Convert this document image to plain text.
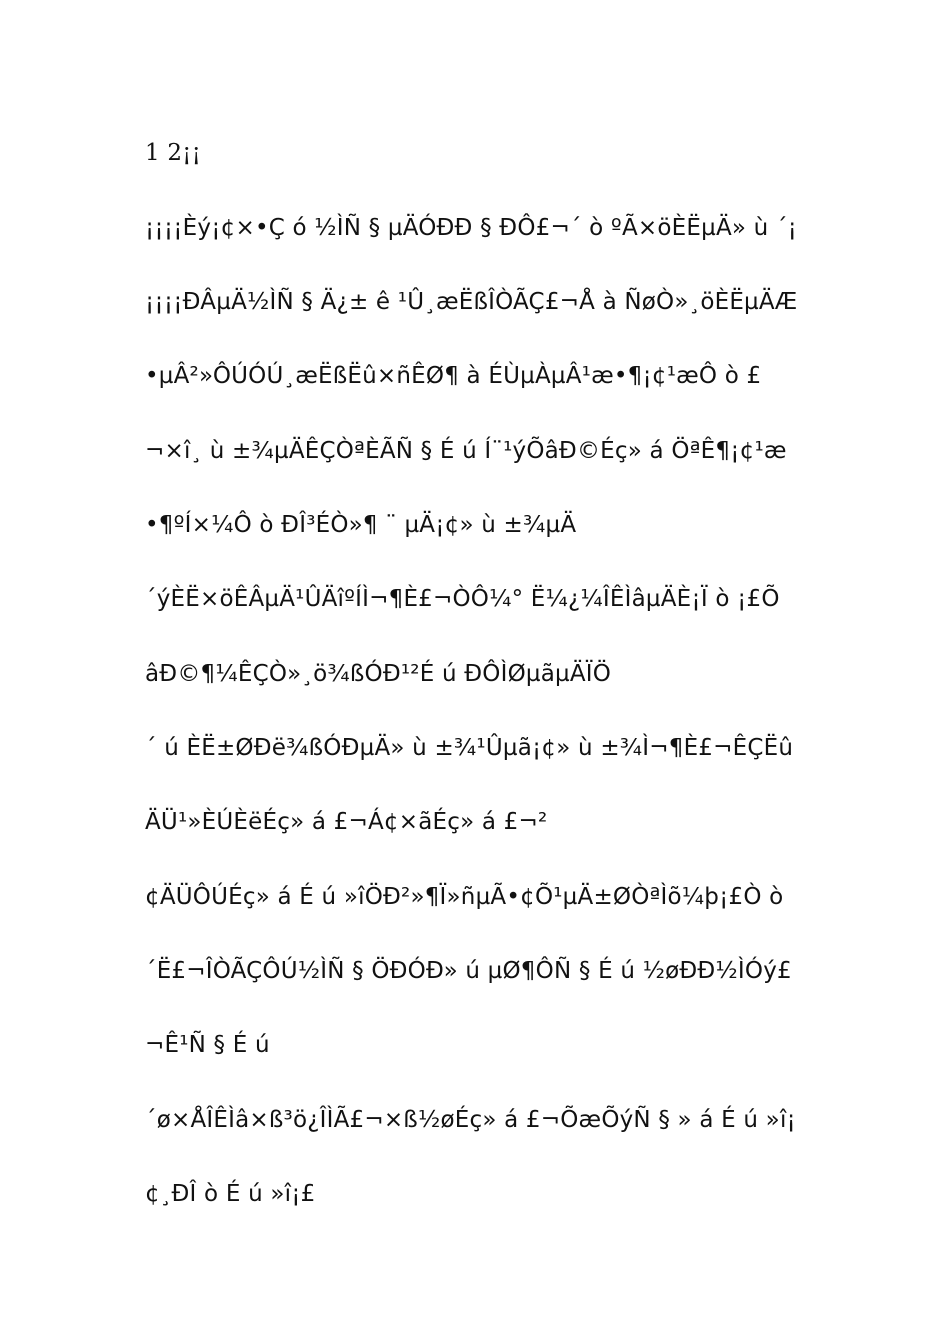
1 2¡¡
¡¡¡¡Èý¡¢×•Ç ó ½ÌÑ § µÄÓÐÐ § ÐÔ£¬´ ò ºÃ×öÈËµÄ» ù ´¡
¡¡¡¡ÐÂµÄ½ÌÑ § Ä¿± ê ¹Û¸æËßÎÒÃÇ£¬Å à ÑøÒ»¸öÈËµÄÆ
•µÂ²»ÔÚÓÚ¸æËßËû×ñÊØ¶ à ÉÙµÀµÂ¹æ•¶¡¢¹æÔ ò £
¬×î¸ ù ±¾µÄÊÇÒªÈÃÑ § É ú Í¨¹ýÕâÐ©Éç» á ÖªÊ¶¡¢¹æ
•¶ºÍ×¼Ô ò ÐÎ³ÉÒ»¶ ¨ µÄ¡¢» ù ±¾µÄ
´ýÈË×öÊÂµÄ¹ÛÄîºÍÌ¬¶È£¬ÒÔ¼° Ë¼¿¼ÎÊÌâµÄÈ¡Ï ò ¡£Õ
âÐ©¶¼ÊÇÒ»¸ö¾ßÓÐ¹²É ú ÐÔÌØµãµÄÏÖ
´ ú ÈË±ØÐë¾ßÓÐµÄ» ù ±¾¹Ûµã¡¢» ù ±¾Ì¬¶È£¬ÊÇËû
ÄÜ¹»ÈÚÈëÉç» á £¬Á¢×ãÉç» á £¬²
¢ÄÜÔÚÉç» á É ú »îÖÐ²»¶Ï»ñµÃ•¢Õ¹µÄ±ØÒªÌõ¼þ¡£Ò ò
´Ë£¬ÎÒÃÇÔÚ½ÌÑ § ÖÐÓÐ» ú µØ¶ÔÑ § É ú ½øÐÐ½ÌÓý£
¬Ê¹Ñ § É ú
´ø×ÅÎÊÌâ×ß³ö¿ÎÌÃ£¬×ß½øÉç» á £¬ÕæÕýÑ § » á É ú »î¡
¢¸ÐÎ ò É ú »î¡£
